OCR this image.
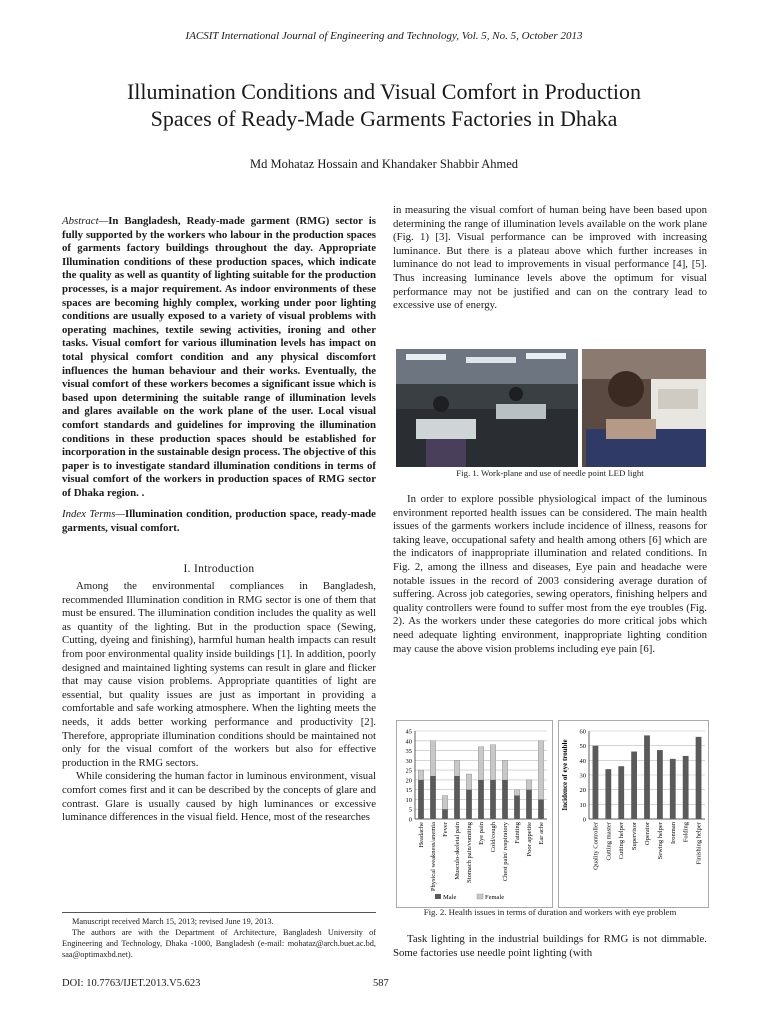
IACSIT International Journal of Engineering and Technology, Vol. 5, No. 5, October 2013
Illumination Conditions and Visual Comfort in Production
Spaces of Ready-Made Garments Factories in Dhaka
Md Mohataz Hossain and Khandaker Shabbir Ahmed
Abstract—In Bangladesh, Ready-made garment (RMG) sector is fully supported by the workers who labour in the production spaces of garments factory buildings throughout the day. Appropriate Illumination conditions of these production spaces, which indicate the quality as well as quantity of lighting suitable for the production processes, is a major requirement. As indoor environments of these spaces are becoming highly complex, working under poor lighting conditions are usually exposed to a variety of visual problems with operating machines, textile sewing activities, ironing and other tasks. Visual comfort for various illumination levels has impact on total physical comfort condition and any physical discomfort influences the human behaviour and their works. Eventually, the visual comfort of these workers becomes a significant issue which is based upon determining the suitable range of illumination levels and glares available on the work plane of the user. Local visual comfort standards and guidelines for improving the illumination conditions in these production spaces should be established for incorporation in the sustainable design process. The objective of this paper is to investigate standard illumination conditions in terms of visual comfort of the workers in production spaces of RMG sector of Dhaka region. .
Index Terms—Illumination condition, production space, ready-made garments, visual comfort.
I. Introduction

Among the environmental compliances in Bangladesh, recommended Illumination condition in RMG sector is one of them that must be ensured. The illumination condition includes the quality as well as quantity of the lighting. But in the production space (Sewing, Cutting, dyeing and finishing), harmful human health impacts can result from poor environmental quality inside buildings [1]. In addition, poorly designed and maintained lighting systems can result in glare and flicker that may cause vision problems. Appropriate quantities of light are essential, but quality issues are just as important in providing a comfortable and safe working atmosphere. When the lighting meets the needs, it adds better working performance and productivity [2]. Therefore, appropriate illumination conditions should be maintained not only for the visual comfort of the workers but also for effective production in the RMG sectors.

While considering the human factor in luminous environment, visual comfort comes first and it can be described by the concepts of glare and contrast. Glare is usually caused by high luminances or excessive luminance differences in the visual field. Hence, most of the researches

Manuscript received March 15, 2013; revised June 19, 2013.

The authors are with the Department of Architecture, Bangladesh University of Engineering and Technology, Dhaka -1000, Bangladesh (e-mail: mohataz@arch.buet.ac.bd, saa@optimaxbd.net).

DOI: 10.7763/IJET.2013.V5.623	587
in measuring the visual comfort of human being have been based upon determining the range of illumination levels available on the work plane (Fig. 1) [3]. Visual performance can be improved with increasing luminance. But there is a plateau above which further increases in luminance do not lead to improvements in visual performance [4], [5]. Thus increasing luminance levels above the optimum for visual performance may not be justified and can on the contrary lead to excessive use of energy.
Fig. 1. Work-plane and use of needle point LED light

In order to explore possible physiological impact of the luminous environment reported health issues can be considered. The main health issues of the garments workers include incidence of illness, reasons for taking leave, occupational safety and health among others [6] which are the indicators of inappropriate illumination and related conditions. In Fig. 2, among the illness and diseases, Eye pain and headache were notable issues in the record of 2003 considering average duration of suffering. Across job categories, sewing operators, finishing helpers and quality controllers were found to suffer most from the eye troubles (Fig. 2). As the workers under these categories do more critical jobs which need adequate lighting environment, inappropriate lighting condition may cause the above vision problems including eye pain [6].

0
5
10
15
20
25
30
35
40
45
Headache Physical weakness/anemia Fever Musculo-skeletal pain Stomach pain/vomiting Eye pain Cold/cough Chest pain/ respiratory Fainting Poor appetite Ear ache
Male	Female
0
10
20
30
40
50
60
Quality Controller Cutting master Cutting helper Supervisor Operator Sewing helper Ironman Folding Finishing helper
Incidence of eye trouble
Fig. 2. Health issues in terms of duration and workers with eye problem

Task lighting in the industrial buildings for RMG is not dimmable. Some factories use needle point lighting (with
